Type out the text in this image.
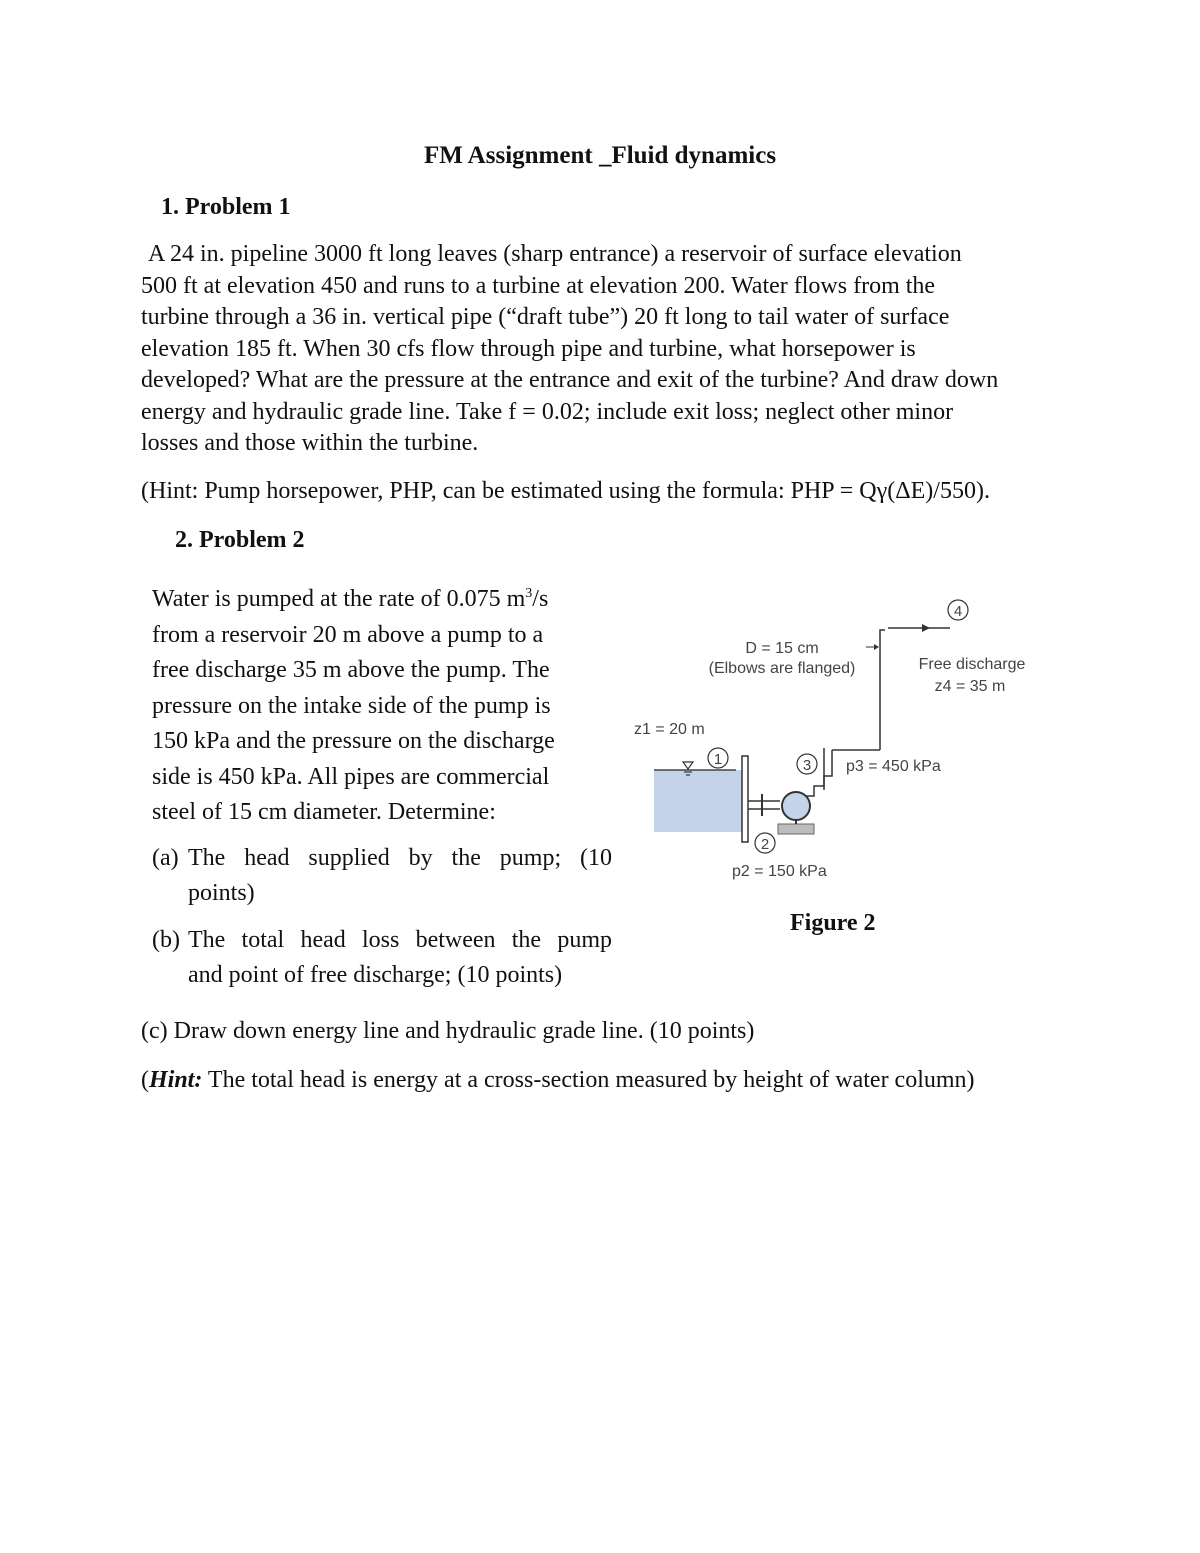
FM Assignment _Fluid dynamics
1. Problem 1
A 24 in. pipeline 3000 ft long leaves (sharp entrance) a reservoir of surface elevation
500 ft at elevation 450 and runs to a turbine at elevation 200. Water flows from the
turbine through a 36 in. vertical pipe (“draft tube”) 20 ft long to tail water of surface
elevation 185 ft. When 30 cfs flow through pipe and turbine, what horsepower is
developed? What are the pressure at the entrance and exit of the turbine? And draw down
energy and hydraulic grade line. Take f = 0.02; include exit loss; neglect other minor
losses and those within the turbine.
(Hint: Pump horsepower, PHP, can be estimated using the formula: PHP = Qγ(ΔE)/550).
2. Problem 2
Water is pumped at the rate of 0.075 $m^3/s$
from a reservoir 20 m above a pump to a
free discharge 35 m above the pump. The
pressure on the intake side of the pump is
150 kPa and the pressure on the discharge
side is 450 kPa. All pipes are commercial
steel of 15 cm diameter. Determine:
(a) The head supplied by the pump; (10
points)
(b) The total head loss between the pump
and point of free discharge; (10 points)
(c) Draw down energy line and hydraulic grade line. (10 points)
(Hint: The total head is energy at a cross-section measured by height of water column)
1
2
3
4
D = 15 cm
(Elbows are flanged)	Free discharge
z4 = 35 m
z1 = 20 m
p3 = 450 kPa
p2 = 150 kPa
Figure 2
